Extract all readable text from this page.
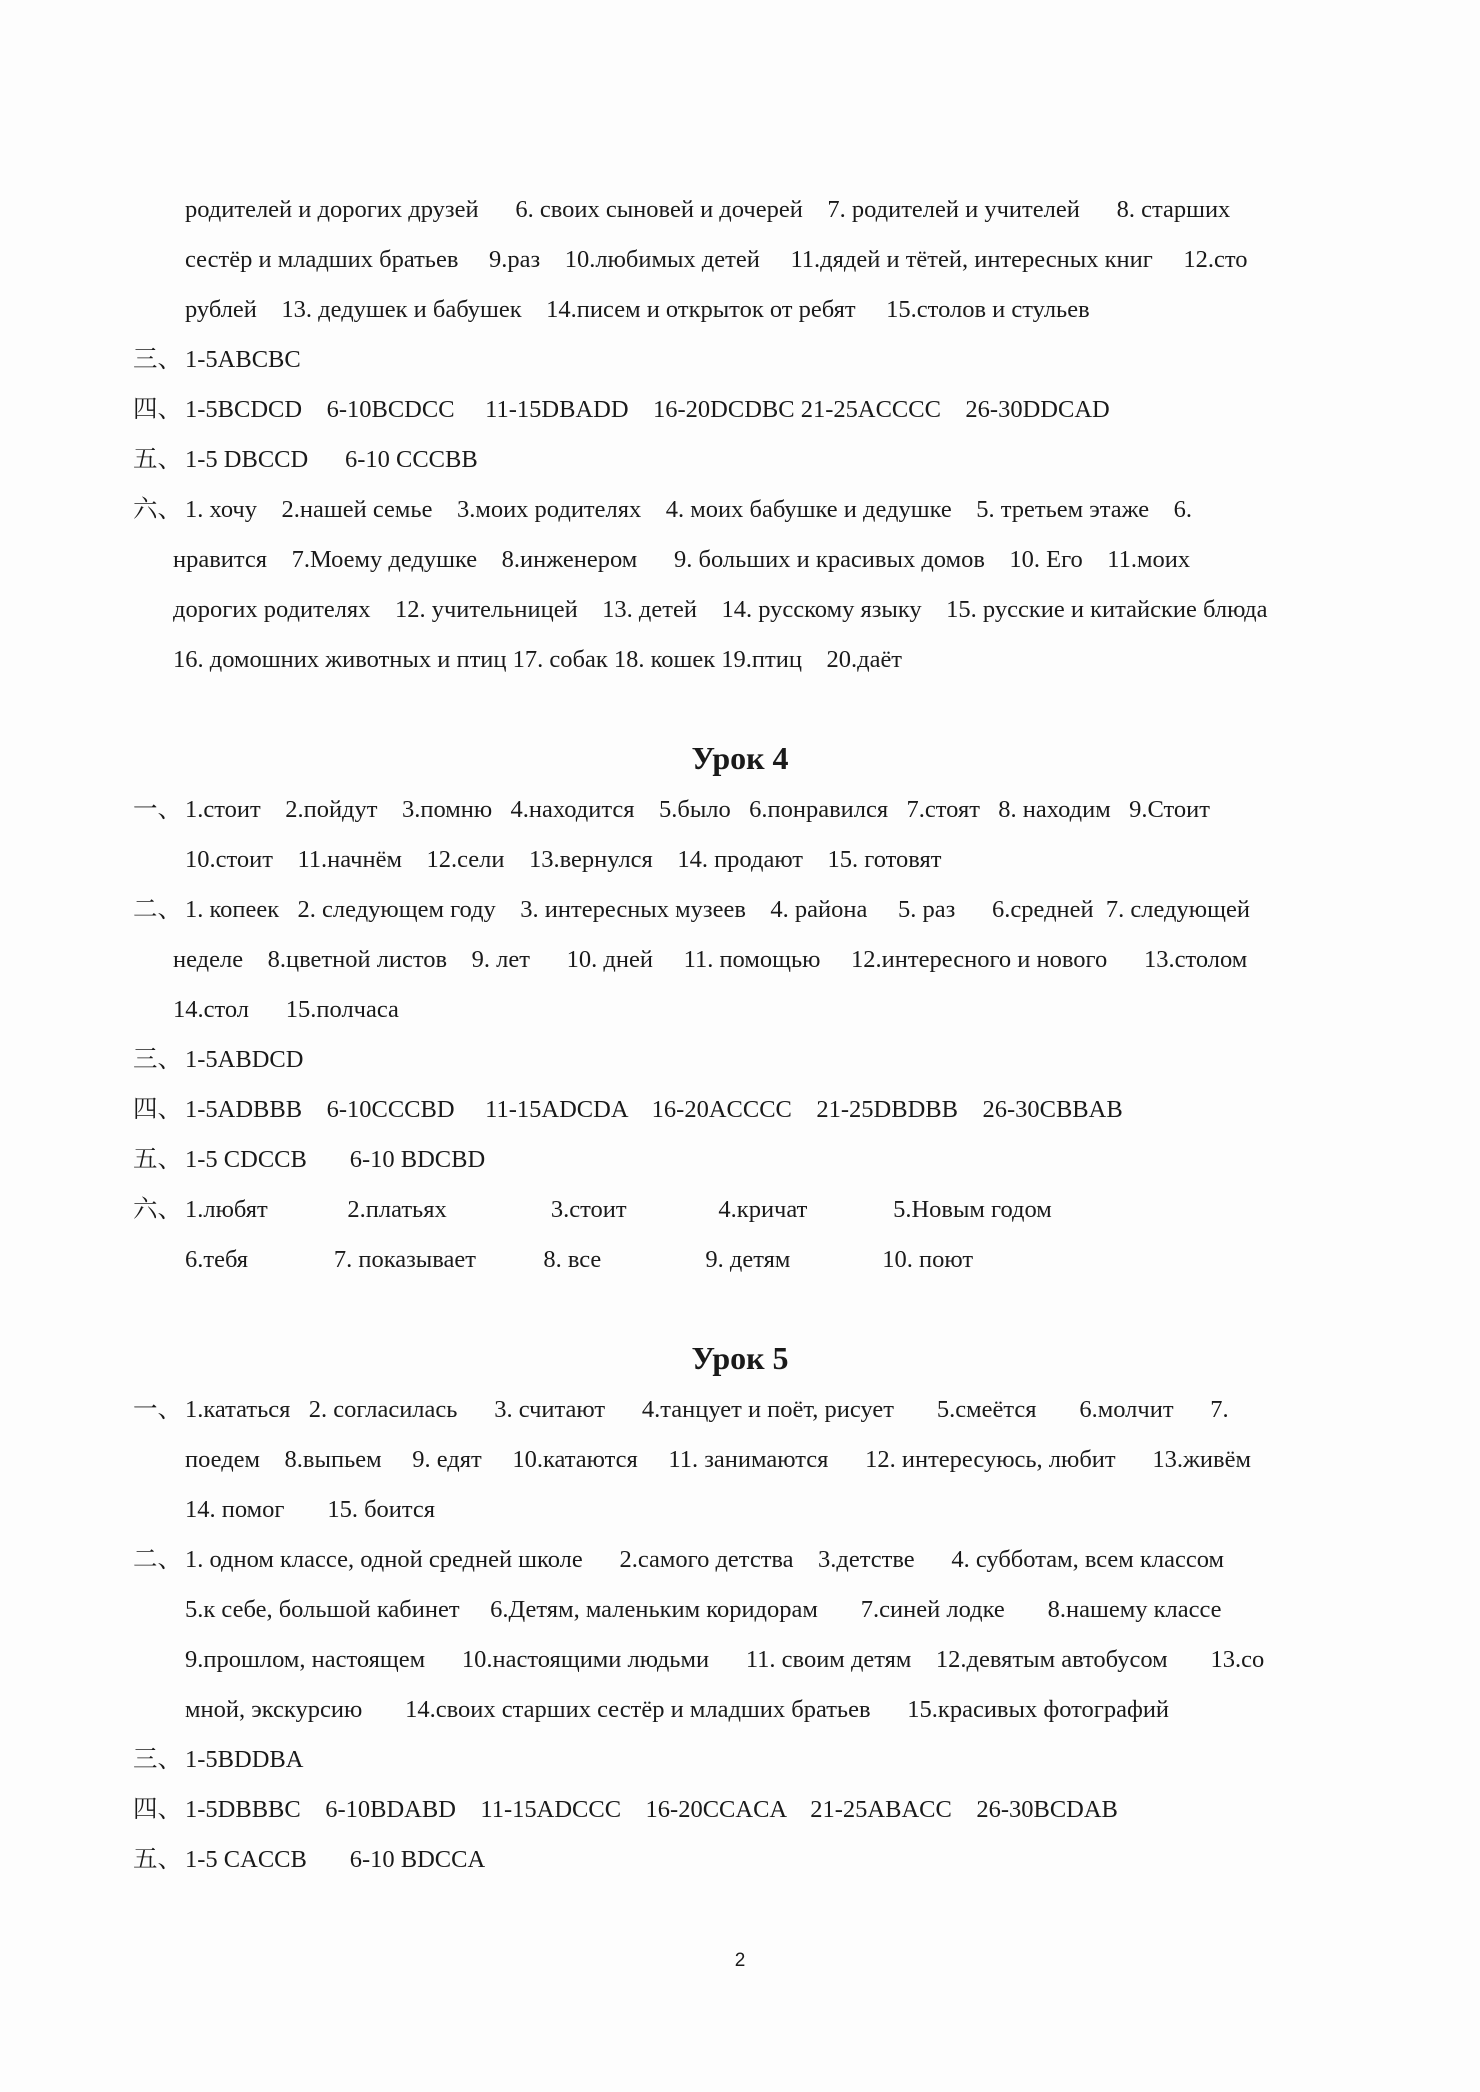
родителей и дорогих друзей      6. своих сыновей и дочерей    7. родителей и учителей      8. старших
сестёр и младших братьев     9.раз    10.любимых детей     11.дядей и тётей, интересных книг     12.сто
рублей    13. дедушек и бабушек    14.писем и открыток от ребят     15.столов и стульев
三、 1-5ABCBC
四、 1-5BCDCD    6-10BCDCC     11-15DBADD    16-20DCDBC 21-25ACCCC    26-30DDCAD
五、 1-5 DBCCD      6-10 CCCBB
六、 1. хочу    2.нашей семье    3.моих родителях    4. моих бабушке и дедушке    5. третьем этаже    6.
нравится    7.Моему дедушке    8.инженером      9. больших и красивых домов    10. Его    11.моих
дорогих родителях    12. учительницей    13. детей    14. русскому языку    15. русские и китайские блюда
16. домошних животных и птиц 17. собак 18. кошек 19.птиц    20.даёт
Урок 4
一、 1.стоит    2.пойдут    3.помню   4.находится    5.было   6.понравился   7.стоят   8. находим   9.Стоит
10.стоит    11.начнём    12.сели    13.вернулся    14. продают    15. готовят
二、 1. копеек   2. следующем году    3. интересных музеев    4. района     5. раз      6.средней  7. следующей
неделе    8.цветной листов    9. лет      10. дней     11. помощью     12.интересного и нового      13.столом
14.стол      15.полчаса
三、 1-5ABDCD
四、 1-5ADBBB    6-10CCCBD     11-15ADCDA    16-20ACCCC    21-25DBDBB    26-30CBBAB
五、 1-5 CDCCB       6-10 BDCBD
六、 1.любят             2.платьях                 3.стоит               4.кричат              5.Новым годом
6.тебя              7. показывает           8. все                 9. детям               10. поют
Урок 5
一、 1.кататься   2. согласилась      3. считают      4.танцует и поёт, рисует       5.смеётся       6.молчит      7.
поедем    8.выпьем     9. едят     10.катаются     11. занимаются      12. интересуюсь, любит      13.живём
14. помог       15. боится
二、 1. одном классе, одной средней школе      2.самого детства    3.детстве      4. субботам, всем классом
5.к себе, большой кабинет     6.Детям, маленьким коридорам       7.синей лодке       8.нашему классе
9.прошлом, настоящем      10.настоящими людьми      11. своим детям    12.девятым автобусом       13.со
мной, экскурсию       14.своих старших сестёр и младших братьев      15.красивых фотографий
三、 1-5BDDBA
四、 1-5DBBBC    6-10BDABD    11-15ADCCC    16-20CCACA    21-25ABACC    26-30BCDAB
五、 1-5 CACCB       6-10 BDCCA
2
